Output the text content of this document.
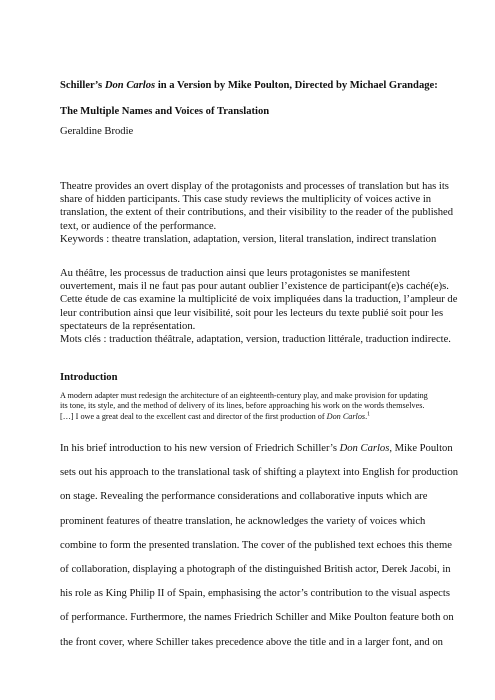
Schiller’s Don Carlos in a Version by Mike Poulton, Directed by Michael Grandage:
The Multiple Names and Voices of Translation
Geraldine Brodie
Theatre provides an overt display of the protagonists and processes of translation but has its
share of hidden participants. This case study reviews the multiplicity of voices active in
translation, the extent of their contributions, and their visibility to the reader of the published
text, or audience of the performance.
Keywords : theatre translation, adaptation, version, literal translation, indirect translation
Au théâtre, les processus de traduction ainsi que leurs protagonistes se manifestent
ouvertement, mais il ne faut pas pour autant oublier l’existence de participant(e)s caché(e)s.
Cette étude de cas examine la multiplicité de voix impliquées dans la traduction, l’ampleur de
leur contribution ainsi que leur visibilité, soit pour les lecteurs du texte publié soit pour les
spectateurs de la représentation.
Mots clés : traduction théâtrale, adaptation, version, traduction littérale, traduction indirecte.
Introduction
A modern adapter must redesign the architecture of an eighteenth-century play, and make provision for updating
its tone, its style, and the method of delivery of its lines, before approaching his work on the words themselves.
[…] I owe a great deal to the excellent cast and director of the first production of Don Carlos.$^1$
In his brief introduction to his new version of Friedrich Schiller’s Don Carlos, Mike Poulton
sets out his approach to the translational task of shifting a playtext into English for production
on stage. Revealing the performance considerations and collaborative inputs which are
prominent features of theatre translation, he acknowledges the variety of voices which
combine to form the presented translation. The cover of the published text echoes this theme
of collaboration, displaying a photograph of the distinguished British actor, Derek Jacobi, in
his role as King Philip II of Spain, emphasising the actor’s contribution to the visual aspects
of performance. Furthermore, the names Friedrich Schiller and Mike Poulton feature both on
the front cover, where Schiller takes precedence above the title and in a larger font, and on
